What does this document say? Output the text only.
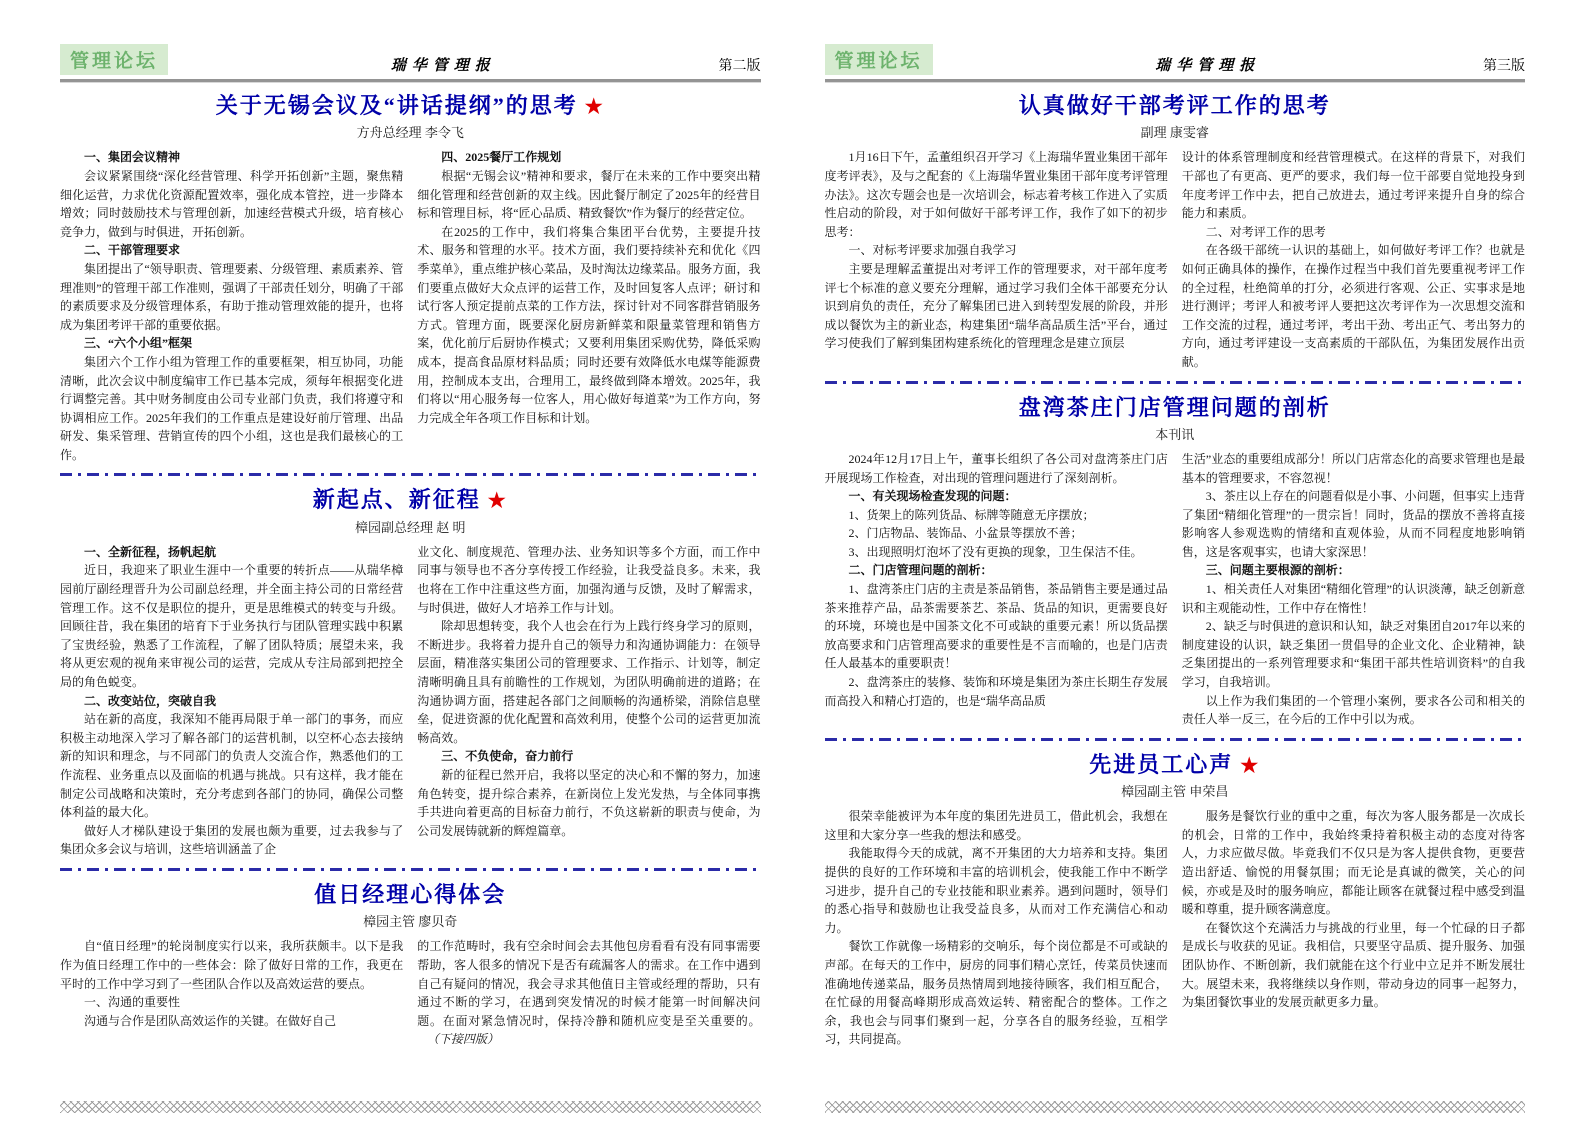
管理论坛	瑞华管理报	第二版
关于无锡会议及“讲话提纲”的思考 ★
方舟总经理 李令飞

一、集团会议精神

会议紧紧围绕“深化经营管理、科学开拓创新”主题，聚焦精细化运营，力求优化资源配置效率，强化成本管控，进一步降本增效；同时鼓励技术与管理创新，加速经营模式升级，培育核心竞争力，做到与时俱进，开拓创新。

二、干部管理要求

集团提出了“领导职责、管理要素、分级管理、素质素养、管理准则”的管理干部工作准则，强调了干部责任划分，明确了干部的素质要求及分级管理体系，有助于推动管理效能的提升，也将成为集团考评干部的重要依据。

三、“六个小组”框架

集团六个工作小组为管理工作的重要框架，相互协同，功能清晰，此次会议中制度编审工作已基本完成，须每年根据变化进行调整完善。其中财务制度由公司专业部门负责，我们将遵守和协调相应工作。2025年我们的工作重点是建设好前厅管理、出品研发、集采管理、营销宣传的四个小组，这也是我们最核心的工作。

四、2025餐厅工作规划

根据“无锡会议”精神和要求，餐厅在未来的工作中要突出精细化管理和经营创新的双主线。因此餐厅制定了2025年的经营目标和管理目标，将“匠心品质、精致餐饮”作为餐厅的经营定位。

在2025的工作中，我们将集合集团平台优势，主要提升技术、服务和管理的水平。技术方面，我们要持续补充和优化《四季菜单》，重点维护核心菜品，及时淘汰边缘菜品。服务方面，我们要重点做好大众点评的运营工作，及时回复客人点评；研讨和试行客人预定提前点菜的工作方法，探讨针对不同客群营销服务方式。管理方面，既要深化厨房新鲜菜和限量菜管理和销售方案，优化前厅后厨协作模式；又要利用集团采购优势，降低采购成本，提高食品原材料品质；同时还要有效降低水电煤等能源费用，控制成本支出，合理用工，最终做到降本增效。2025年，我们将以“用心服务每一位客人，用心做好每道菜”为工作方向，努力完成全年各项工作目标和计划。

新起点、新征程 ★
樟园副总经理 赵 明

一、全新征程，扬帆起航

近日，我迎来了职业生涯中一个重要的转折点——从瑞华樟园前厅副经理晋升为公司副总经理，并全面主持公司的日常经营管理工作。这不仅是职位的提升，更是思维模式的转变与升级。回顾往昔，我在集团的培育下于业务执行与团队管理实践中积累了宝贵经验，熟悉了工作流程，了解了团队特质；展望未来，我将从更宏观的视角来审视公司的运营，完成从专注局部到把控全局的角色蜕变。

二、改变站位，突破自我

站在新的高度，我深知不能再局限于单一部门的事务，而应积极主动地深入学习了解各部门的运营机制，以空杯心态去接纳新的知识和理念，与不同部门的负责人交流合作，熟悉他们的工作流程、业务重点以及面临的机遇与挑战。只有这样，我才能在制定公司战略和决策时，充分考虑到各部门的协同，确保公司整体利益的最大化。

做好人才梯队建设于集团的发展也颇为重要，过去我参与了集团众多会议与培训，这些培训涵盖了企

业文化、制度规范、管理办法、业务知识等多个方面，而工作中同事与领导也不吝分享传授工作经验，让我受益良多。未来，我也将在工作中注重这些方面，加强沟通与反馈，及时了解需求，与时俱进，做好人才培养工作与计划。

除却思想转变，我个人也会在行为上践行终身学习的原则，不断进步。我将着力提升自己的领导力和沟通协调能力：在领导层面，精准落实集团公司的管理要求、工作指示、计划等，制定清晰明确且具有前瞻性的工作规划，为团队明确前进的道路；在沟通协调方面，搭建起各部门之间顺畅的沟通桥梁，消除信息壁垒，促进资源的优化配置和高效利用，使整个公司的运营更加流畅高效。

三、不负使命，奋力前行

新的征程已然开启，我将以坚定的决心和不懈的努力，加速角色转变，提升综合素养，在新岗位上发光发热，与全体同事携手共进向着更高的目标奋力前行，不负这崭新的职责与使命，为公司发展铸就新的辉煌篇章。

值日经理心得体会
樟园主管 廖贝奇

自“值日经理”的轮岗制度实行以来，我所获颇丰。以下是我作为值日经理工作中的一些体会：除了做好日常的工作，我更在平时的工作中学习到了一些团队合作以及高效运营的要点。

一、沟通的重要性

沟通与合作是团队高效运作的关键。在做好自己

的工作范畴时，我有空余时间会去其他包房看看有没有同事需要帮助，客人很多的情况下是否有疏漏客人的需求。在工作中遇到自己有疑问的情况，我会寻求其他值日主管或经理的帮助，只有通过不断的学习，在遇到突发情况的时候才能第一时间解决问题。在面对紧急情况时，保持冷静和随机应变是至关重要的。（下接四版）

管理论坛	瑞华管理报	第三版
认真做好干部考评工作的思考
副理 康雯睿

1月16日下午，孟董组织召开学习《上海瑞华置业集团干部年度考评表》，及与之配套的《上海瑞华置业集团干部年度考评管理办法》。这次专题会也是一次培训会，标志着考核工作进入了实质性启动的阶段，对于如何做好干部考评工作，我作了如下的初步思考：

一、对标考评要求加强自我学习

主要是理解孟董提出对考评工作的管理要求，对干部年度考评七个标准的意义要充分理解，通过学习我们全体干部要充分认识到肩负的责任，充分了解集团已进入到转型发展的阶段，并形成以餐饮为主的新业态，构建集团“瑞华高品质生活”平台，通过学习使我们了解到集团构建系统化的管理理念是建立顶层

设计的体系管理制度和经营管理模式。在这样的背景下，对我们干部也了有更高、更严的要求，我们每一位干部要自觉地投身到年度考评工作中去，把自己放进去，通过考评来提升自身的综合能力和素质。

二、对考评工作的思考

在各级干部统一认识的基础上，如何做好考评工作？也就是如何正确具体的操作，在操作过程当中我们首先要重视考评工作的全过程，杜绝简单的打分，必须进行客观、公正、实事求是地进行测评；考评人和被考评人要把这次考评作为一次思想交流和工作交流的过程，通过考评，考出干劲、考出正气、考出努力的方向，通过考评建设一支高素质的干部队伍，为集团发展作出贡献。

盘湾茶庄门店管理问题的剖析
本刊讯

2024年12月17日上午，董事长组织了各公司对盘湾茶庄门店开展现场工作检查，对出现的管理问题进行了深刻剖析。

一、有关现场检查发现的问题：

1、货架上的陈列货品、标牌等随意无序摆放；

2、门店物品、装饰品、小盆景等摆放不善；

3、出现照明灯泡坏了没有更换的现象，卫生保洁不佳。

二、门店管理问题的剖析：

1、盘湾茶庄门店的主责是茶品销售，茶品销售主要是通过品茶来推荐产品，品茶需要茶艺、茶品、货品的知识，更需要良好的环境，环境也是中国茶文化不可或缺的重要元素！所以货品摆放高要求和门店管理高要求的重要性是不言而喻的，也是门店责任人最基本的重要职责！

2、盘湾茶庄的装修、装饰和环境是集团为茶庄长期生存发展而高投入和精心打造的，也是“瑞华高品质

生活”业态的重要组成部分！所以门店常态化的高要求管理也是最基本的管理要求，不容忽视！

3、茶庄以上存在的问题看似是小事、小问题，但事实上违背了集团“精细化管理”的一贯宗旨！同时，货品的摆放不善将直接影响客人参观选购的情绪和直观体验，从而不同程度地影响销售，这是客观事实，也请大家深思！

三、问题主要根源的剖析：

1、相关责任人对集团“精细化管理”的认识淡薄，缺乏创新意识和主观能动性，工作中存在惰性！

2、缺乏与时俱进的意识和认知，缺乏对集团自2017年以来的制度建设的认识，缺乏集团一贯倡导的企业文化、企业精神，缺乏集团提出的一系列管理要求和“集团干部共性培训资料”的自我学习，自我培训。

以上作为我们集团的一个管理小案例，要求各公司和相关的责任人举一反三，在今后的工作中引以为戒。

先进员工心声 ★
樟园副主管 申荣昌

很荣幸能被评为本年度的集团先进员工，借此机会，我想在这里和大家分享一些我的想法和感受。

我能取得今天的成就，离不开集团的大力培养和支持。集团提供的良好的工作环境和丰富的培训机会，使我能工作中不断学习进步，提升自己的专业技能和职业素养。遇到问题时，领导们的悉心指导和鼓励也让我受益良多，从而对工作充满信心和动力。

餐饮工作就像一场精彩的交响乐，每个岗位都是不可或缺的声部。在每天的工作中，厨房的同事们精心烹饪，传菜员快速而准确地传递菜品，服务员热情周到地接待顾客，我们相互配合，在忙碌的用餐高峰期形成高效运转、精密配合的整体。工作之余，我也会与同事们聚到一起，分享各自的服务经验，互相学习，共同提高。

服务是餐饮行业的重中之重，每次为客人服务都是一次成长的机会，日常的工作中，我始终秉持着积极主动的态度对待客人，力求应做尽做。毕竟我们不仅只是为客人提供食物，更要营造出舒适、愉悦的用餐氛围；而无论是真诚的微笑，关心的问候，亦或是及时的服务响应，都能让顾客在就餐过程中感受到温暖和尊重，提升顾客满意度。

在餐饮这个充满活力与挑战的行业里，每一个忙碌的日子都是成长与收获的见证。我相信，只要坚守品质、提升服务、加强团队协作、不断创新，我们就能在这个行业中立足并不断发展壮大。展望未来，我将继续以身作则，带动身边的同事一起努力，为集团餐饮事业的发展贡献更多力量。
